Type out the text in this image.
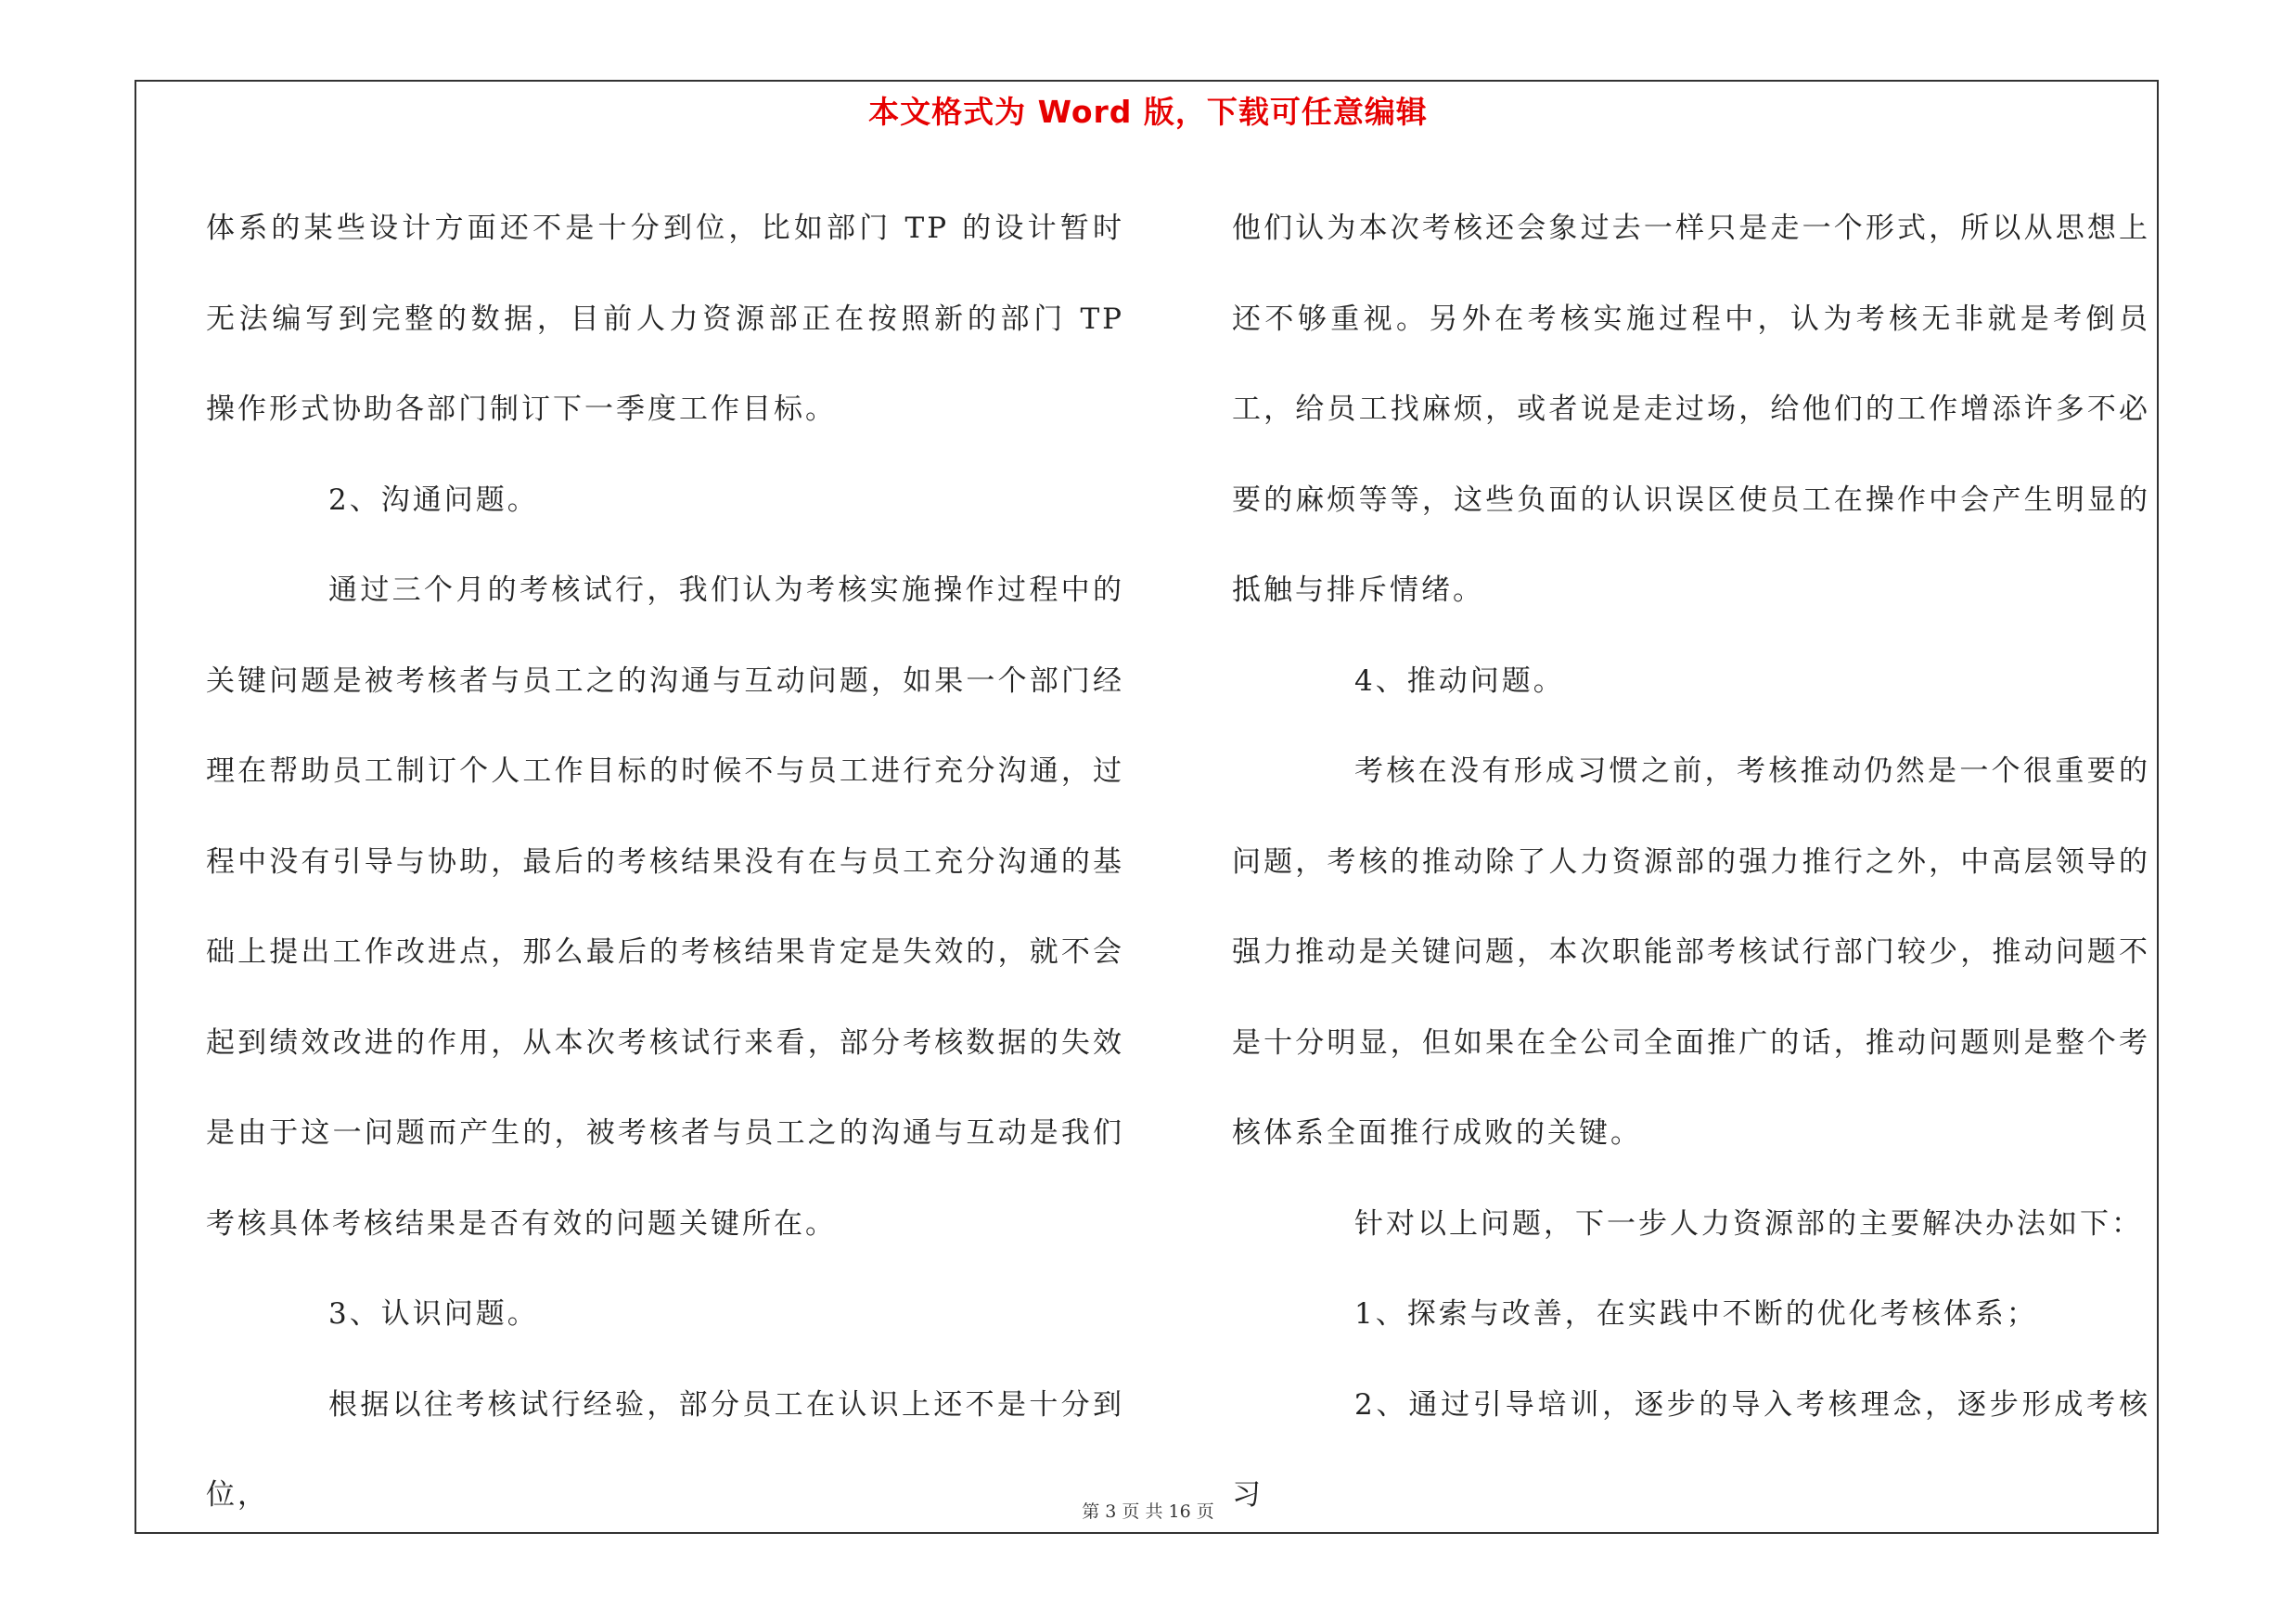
本文格式为 Word 版，下载可任意编辑

体系的某些设计方面还不是十分到位，比如部门 TP 的设计暂时无法编写到完整的数据，目前人力资源部正在按照新的部门 TP 操作形式协助各部门制订下一季度工作目标。

2、沟通问题。

通过三个月的考核试行，我们认为考核实施操作过程中的关键问题是被考核者与员工之的沟通与互动问题，如果一个部门经理在帮助员工制订个人工作目标的时候不与员工进行充分沟通，过程中没有引导与协助，最后的考核结果没有在与员工充分沟通的基础上提出工作改进点，那么最后的考核结果肯定是失效的，就不会起到绩效改进的作用，从本次考核试行来看，部分考核数据的失效是由于这一问题而产生的，被考核者与员工之的沟通与互动是我们考核具体考核结果是否有效的问题关键所在。

3、认识问题。

根据以往考核试行经验，部分员工在认识上还不是十分到位，

他们认为本次考核还会象过去一样只是走一个形式，所以从思想上还不够重视。另外在考核实施过程中，认为考核无非就是考倒员工，给员工找麻烦，或者说是走过场，给他们的工作增添许多不必要的麻烦等等，这些负面的认识误区使员工在操作中会产生明显的抵触与排斥情绪。

4、推动问题。

考核在没有形成习惯之前，考核推动仍然是一个很重要的问题，考核的推动除了人力资源部的强力推行之外，中高层领导的强力推动是关键问题，本次职能部考核试行部门较少，推动问题不是十分明显，但如果在全公司全面推广的话，推动问题则是整个考核体系全面推行成败的关键。

针对以上问题，下一步人力资源部的主要解决办法如下：

1、探索与改善，在实践中不断的优化考核体系；

2、通过引导培训，逐步的导入考核理念，逐步形成考核习

第 3 页 共 16 页
